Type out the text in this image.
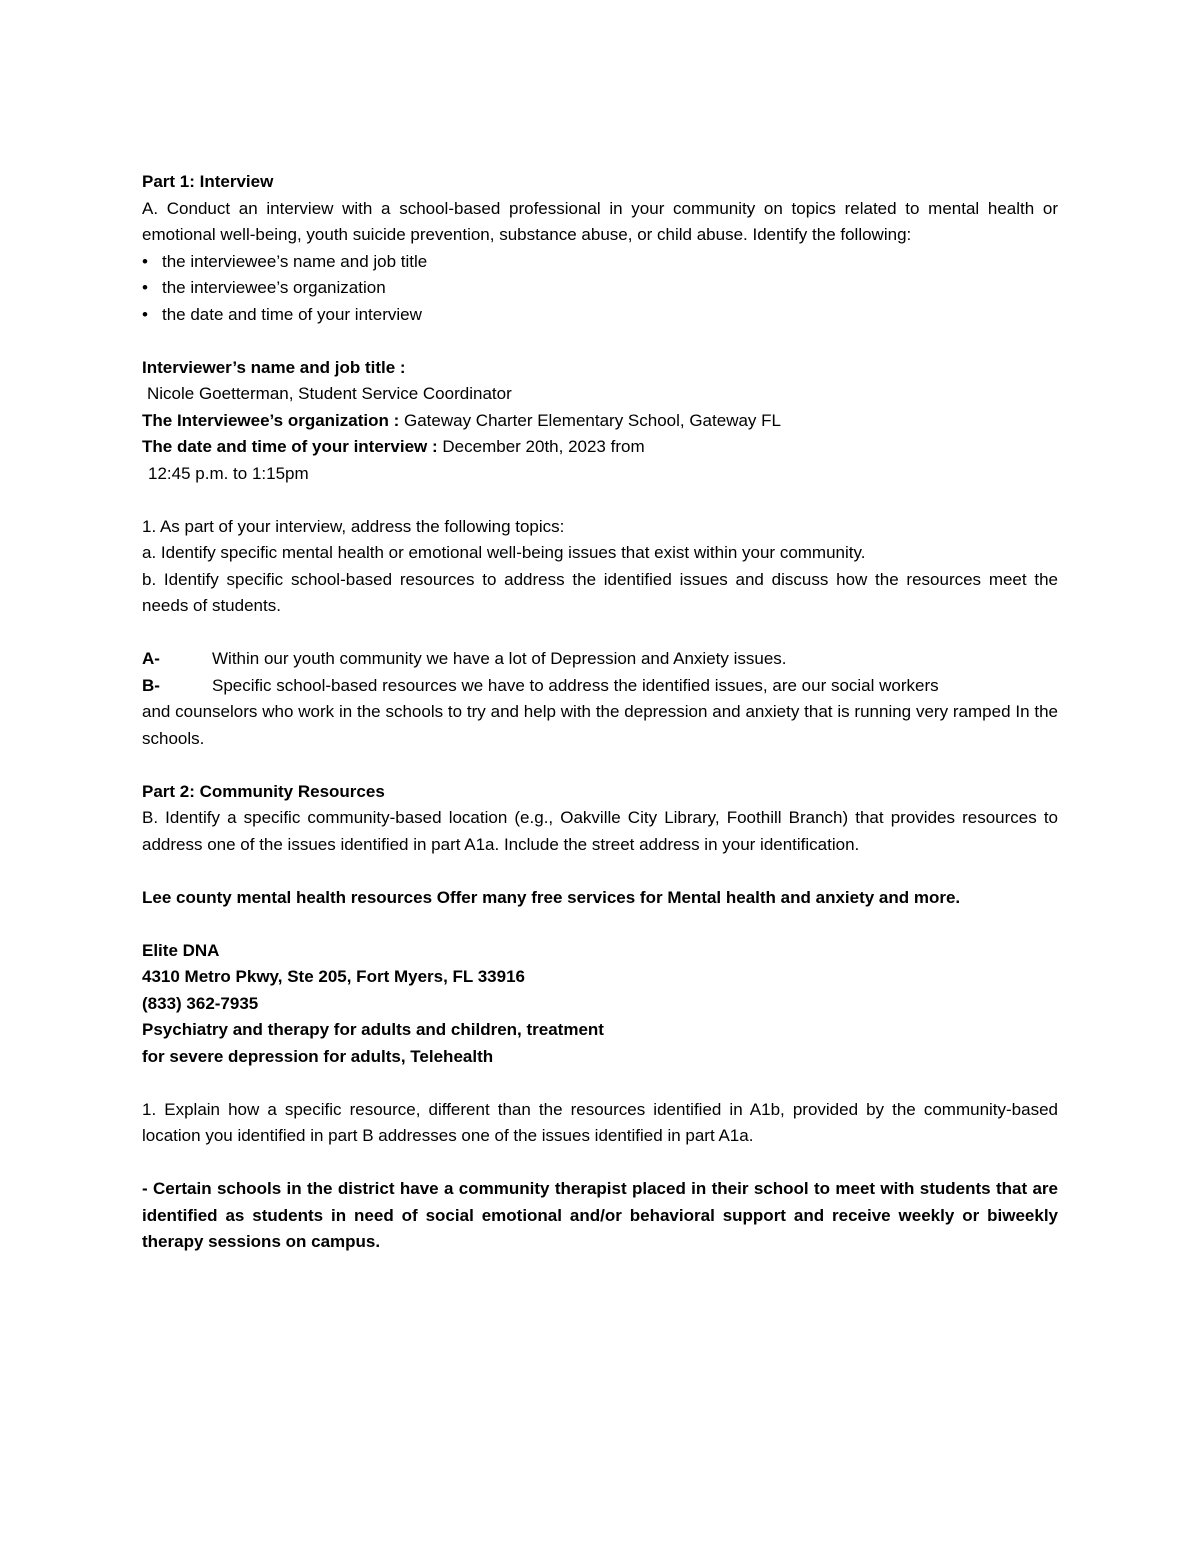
Part 1: Interview
A. Conduct an interview with a school-based professional in your community on topics related to mental health or emotional well-being, youth suicide prevention, substance abuse, or child abuse. Identify the following:
• the interviewee’s name and job title
• the interviewee’s organization
• the date and time of your interview
Interviewer’s name and job title :
Nicole Goetterman, Student Service Coordinator
The Interviewee’s organization : Gateway Charter Elementary School, Gateway FL
The date and time of your interview : December 20th, 2023 from
12:45 p.m. to 1:15pm
1. As part of your interview, address the following topics:
a. Identify specific mental health or emotional well-being issues that exist within your community.
b. Identify specific school-based resources to address the identified issues and discuss how the resources meet the needs of students.
A-	Within our youth community we have a lot of Depression and Anxiety issues.
B-	Specific school-based resources we have to address the identified issues, are our social workers
and counselors who work in the schools to try and help with the depression and anxiety that is running very ramped In the schools.
Part 2: Community Resources
B. Identify a specific community-based location (e.g., Oakville City Library, Foothill Branch) that provides resources to address one of the issues identified in part A1a. Include the street address in your identification.
Lee county mental health resources Offer many free services for Mental health and anxiety and more.
Elite DNA
4310 Metro Pkwy, Ste 205, Fort Myers, FL 33916
(833) 362-7935
Psychiatry and therapy for adults and children, treatment
for severe depression for adults, Telehealth
1. Explain how a specific resource, different than the resources identified in A1b, provided by the community-based location you identified in part B addresses one of the issues identified in part A1a.
- Certain schools in the district have a community therapist placed in their school to meet with students that are identified as students in need of social emotional and/or behavioral support and receive weekly or biweekly therapy sessions on campus.
